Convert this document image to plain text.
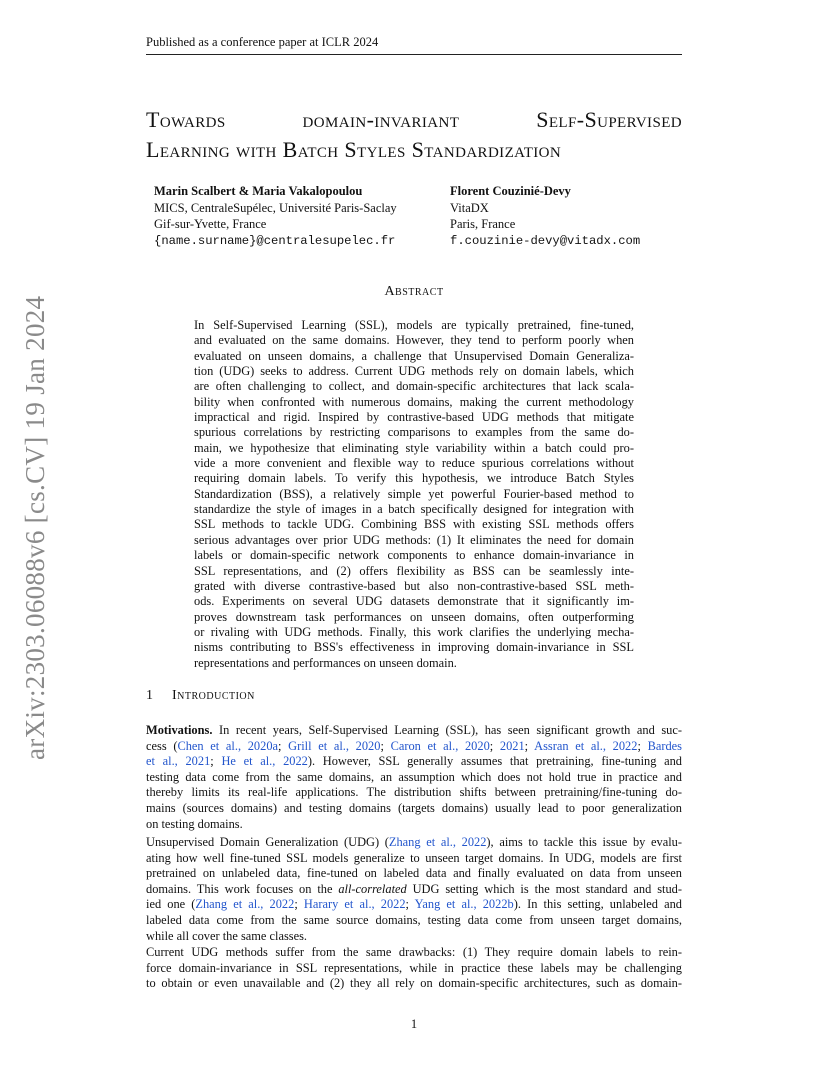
Published as a conference paper at ICLR 2024
arXiv:2303.06088v6 [cs.CV] 19 Jan 2024
Towards domain-invariant Self-Supervised
Learning with Batch Styles Standardization
Marin Scalbert & Maria Vakalopoulou
MICS, CentraleSupélec, Université Paris-Saclay
Gif-sur-Yvette, France
{name.surname}@centralesupelec.fr
Florent Couzinié-Devy
VitaDX
Paris, France
f.couzinie-devy@vitadx.com
Abstract
In Self-Supervised Learning (SSL), models are typically pretrained, fine-tuned,
and evaluated on the same domains. However, they tend to perform poorly when
evaluated on unseen domains, a challenge that Unsupervised Domain Generaliza-
tion (UDG) seeks to address. Current UDG methods rely on domain labels, which
are often challenging to collect, and domain-specific architectures that lack scala-
bility when confronted with numerous domains, making the current methodology
impractical and rigid. Inspired by contrastive-based UDG methods that mitigate
spurious correlations by restricting comparisons to examples from the same do-
main, we hypothesize that eliminating style variability within a batch could pro-
vide a more convenient and flexible way to reduce spurious correlations without
requiring domain labels. To verify this hypothesis, we introduce Batch Styles
Standardization (BSS), a relatively simple yet powerful Fourier-based method to
standardize the style of images in a batch specifically designed for integration with
SSL methods to tackle UDG. Combining BSS with existing SSL methods offers
serious advantages over prior UDG methods: (1) It eliminates the need for domain
labels or domain-specific network components to enhance domain-invariance in
SSL representations, and (2) offers flexibility as BSS can be seamlessly inte-
grated with diverse contrastive-based but also non-contrastive-based SSL meth-
ods. Experiments on several UDG datasets demonstrate that it significantly im-
proves downstream task performances on unseen domains, often outperforming
or rivaling with UDG methods. Finally, this work clarifies the underlying mecha-
nisms contributing to BSS's effectiveness in improving domain-invariance in SSL
representations and performances on unseen domain.
1 Introduction
Motivations. In recent years, Self-Supervised Learning (SSL), has seen significant growth and suc-
cess (Chen et al., 2020a; Grill et al., 2020; Caron et al., 2020; 2021; Assran et al., 2022; Bardes
et al., 2021; He et al., 2022). However, SSL generally assumes that pretraining, fine-tuning and
testing data come from the same domains, an assumption which does not hold true in practice and
thereby limits its real-life applications. The distribution shifts between pretraining/fine-tuning do-
mains (sources domains) and testing domains (targets domains) usually lead to poor generalization
on testing domains.
Unsupervised Domain Generalization (UDG) (Zhang et al., 2022), aims to tackle this issue by evalu-
ating how well fine-tuned SSL models generalize to unseen target domains. In UDG, models are first
pretrained on unlabeled data, fine-tuned on labeled data and finally evaluated on data from unseen
domains. This work focuses on the all-correlated UDG setting which is the most standard and stud-
ied one (Zhang et al., 2022; Harary et al., 2022; Yang et al., 2022b). In this setting, unlabeled and
labeled data come from the same source domains, testing data come from unseen target domains,
while all cover the same classes.
Current UDG methods suffer from the same drawbacks: (1) They require domain labels to rein-
force domain-invariance in SSL representations, while in practice these labels may be challenging
to obtain or even unavailable and (2) they all rely on domain-specific architectures, such as domain-
1
